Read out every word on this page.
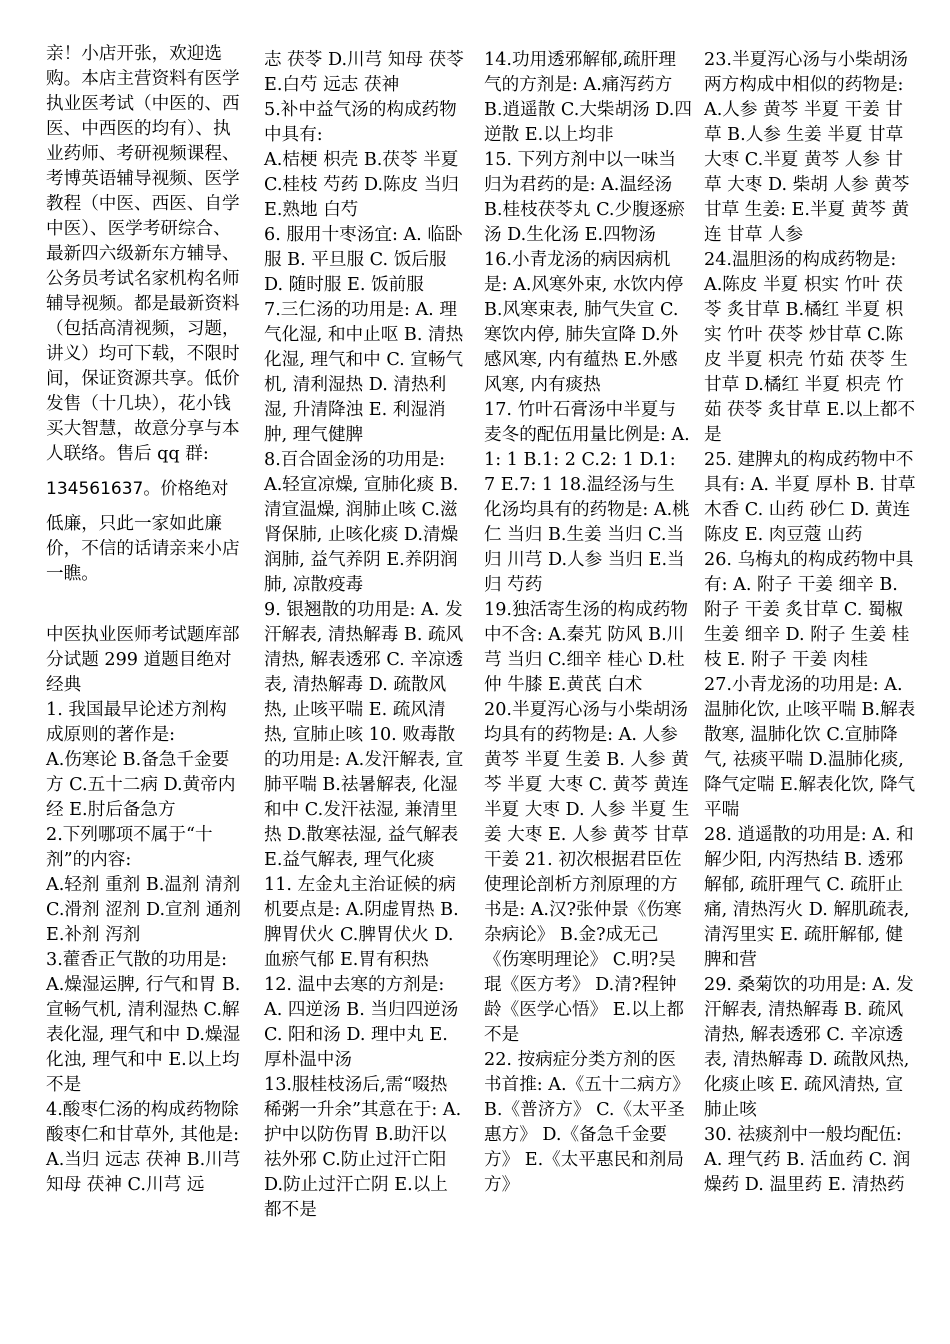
亲！小店开张，欢迎选购。本店主营资料有医学执业医考试（中医的、西医、中西医的均有）、执业药师、考研视频课程、考博英语辅导视频、医学教程（中医、西医、自学中医）、医学考研综合、最新四六级新东方辅导、公务员考试名家机构名师辅导视频。都是最新资料（包括高清视频，习题，讲义）均可下载，不限时间，保证资源共享。低价发售（十几块），花小钱买大智慧，故意分享与本人联络。售后 qq 群:

134561637。价格绝对

低廉，只此一家如此廉价，不信的话请亲来小店一瞧。

中医执业医师考试题库部分试题 299 道题目绝对经典

1. 我国最早论述方剂构成原则的著作是:

A.伤寒论 B.备急千金要方 C.五十二病 D.黄帝内经 E.肘后备急方

2.下列哪项不属于“十剂”的内容:

A.轻剂 重剂 B.温剂 清剂 C.滑剂 涩剂 D.宣剂 通剂 E.补剂 泻剂

3.藿香正气散的功用是:

A.燥湿运脾, 行气和胃 B.宣畅气机, 清利湿热 C.解表化湿, 理气和中 D.燥湿化浊, 理气和中 E.以上均不是

4.酸枣仁汤的构成药物除酸枣仁和甘草外, 其他是:

A.当归 远志 茯神 B.川芎 知母 茯神 C.川芎 远

志 茯苓 D.川芎 知母 茯苓 E.白芍 远志 茯神

5.补中益气汤的构成药物中具有:

A.桔梗 枳壳 B.茯苓 半夏 C.桂枝 芍药 D.陈皮 当归 E.熟地 白芍

6. 服用十枣汤宜: A. 临卧服 B. 平旦服 C. 饭后服 D. 随时服 E. 饭前服

7.三仁汤的功用是: A. 理气化湿, 和中止呕 B. 清热化湿, 理气和中 C. 宣畅气机, 清利湿热 D. 清热利湿, 升清降浊 E. 利湿消肿, 理气健脾

8.百合固金汤的功用是: A.轻宣凉燥, 宣肺化痰 B.清宣温燥, 润肺止咳 C.滋肾保肺, 止咳化痰 D.清燥润肺, 益气养阴 E.养阴润肺, 凉散疫毒

9. 银翘散的功用是: A. 发汗解表, 清热解毒 B. 疏风清热, 解表透邪 C. 辛凉透表, 清热解毒 D. 疏散风热, 止咳平喘 E. 疏风清热, 宣肺止咳 10. 败毒散的功用是: A.发汗解表, 宣肺平喘 B.祛暑解表, 化湿和中 C.发汗祛湿, 兼清里热 D.散寒祛湿, 益气解表 E.益气解表, 理气化痰

11. 左金丸主治证候的病机要点是: A.阴虚胃热 B.脾胃伏火 C.脾胃伏火 D.血瘀气郁 E.胃有积热

12. 温中去寒的方剂是: A. 四逆汤 B. 当归四逆汤 C. 阳和汤 D. 理中丸 E. 厚朴温中汤

13.服桂枝汤后,需“啜热稀粥一升余”其意在于: A.护中以防伤胃 B.助汗以祛外邪 C.防止过汗亡阳 D.防止过汗亡阴 E.以上都不是

14.功用透邪解郁,疏肝理气的方剂是: A.痛泻药方 B.逍遥散 C.大柴胡汤 D.四逆散 E.以上均非

15. 下列方剂中以一味当归为君药的是: A.温经汤 B.桂枝茯苓丸 C.少腹逐瘀汤 D.生化汤 E.四物汤

16.小青龙汤的病因病机是: A.风寒外束, 水饮内停 B.风寒束表, 肺气失宣 C.寒饮内停, 肺失宣降 D.外感风寒, 内有蕴热 E.外感风寒, 内有痰热

17. 竹叶石膏汤中半夏与麦冬的配伍用量比例是: A.1: 1 B.1: 2 C.2: 1 D.1: 7 E.7: 1 18.温经汤与生化汤均具有的药物是: A.桃仁 当归 B.生姜 当归 C.当归 川芎 D.人参 当归 E.当归 芍药

19.独活寄生汤的构成药物中不含: A.秦艽 防风 B.川芎 当归 C.细辛 桂心 D.杜仲 牛膝 E.黄芪 白术

20.半夏泻心汤与小柴胡汤均具有的药物是: A. 人参 黄芩 半夏 生姜 B. 人参 黄芩 半夏 大枣 C. 黄芩 黄连 半夏 大枣 D. 人参 半夏 生姜 大枣 E. 人参 黄芩 甘草 干姜 21. 初次根据君臣佐使理论剖析方剂原理的方书是: A.汉?张仲景《伤寒杂病论》 B.金?成无己《伤寒明理论》 C.明?吴琨《医方考》 D.清?程钟龄《医学心悟》 E.以上都不是

22. 按病症分类方剂的医书首推: A.《五十二病方》 B.《普济方》 C.《太平圣惠方》 D.《备急千金要方》 E.《太平惠民和剂局方》

23.半夏泻心汤与小柴胡汤两方构成中相似的药物是: A.人参 黄芩 半夏 干姜 甘草 B.人参 生姜 半夏 甘草 大枣 C.半夏 黄芩 人参 甘草 大枣 D. 柴胡 人参 黄芩 甘草 生姜: E.半夏 黄芩 黄连 甘草 人参

24.温胆汤的构成药物是: A.陈皮 半夏 枳实 竹叶 茯苓 炙甘草 B.橘红 半夏 枳实 竹叶 茯苓 炒甘草 C.陈皮 半夏 枳壳 竹茹 茯苓 生甘草 D.橘红 半夏 枳壳 竹茹 茯苓 炙甘草 E.以上都不是

25. 建脾丸的构成药物中不具有: A. 半夏 厚朴 B. 甘草 木香 C. 山药 砂仁 D. 黄连 陈皮 E. 肉豆蔻 山药

26. 乌梅丸的构成药物中具有: A. 附子 干姜 细辛 B. 附子 干姜 炙甘草 C. 蜀椒 生姜 细辛 D. 附子 生姜 桂枝 E. 附子 干姜 肉桂

27.小青龙汤的功用是: A.温肺化饮, 止咳平喘 B.解表散寒, 温肺化饮 C.宣肺降气, 祛痰平喘 D.温肺化痰, 降气定喘 E.解表化饮, 降气平喘

28. 逍遥散的功用是: A. 和解少阳, 内泻热结 B. 透邪解郁, 疏肝理气 C. 疏肝止痛, 清热泻火 D. 解肌疏表, 清泻里实 E. 疏肝解郁, 健脾和营

29. 桑菊饮的功用是: A. 发汗解表, 清热解毒 B. 疏风清热, 解表透邪 C. 辛凉透表, 清热解毒 D. 疏散风热, 化痰止咳 E. 疏风清热, 宣肺止咳

30. 祛痰剂中一般均配伍: A. 理气药 B. 活血药 C. 润燥药 D. 温里药 E. 清热药
